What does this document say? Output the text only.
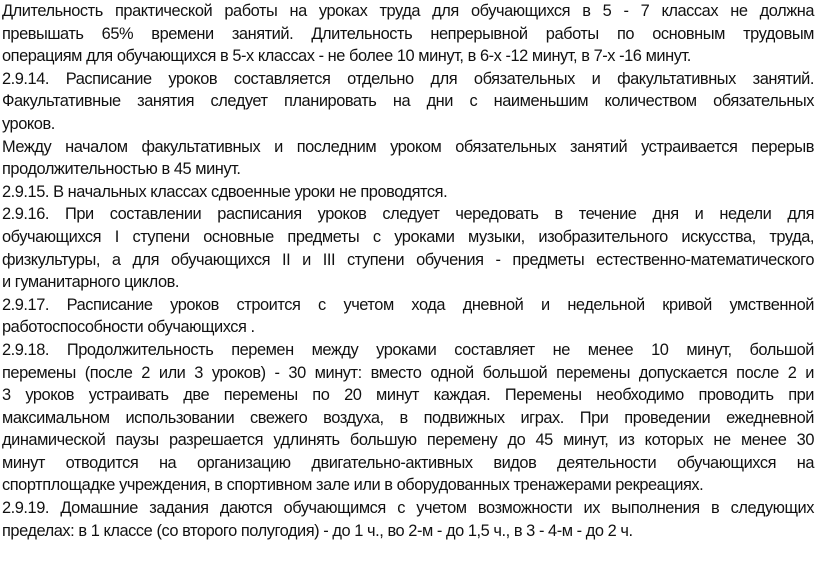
Длительность практической работы на уроках труда для обучающихся в 5 - 7 классах не должна
превышать 65% времени занятий. Длительность непрерывной работы по основным трудовым
операциям для обучающихся в 5-х классах - не более 10 минут, в 6-х -12 минут, в 7-х -16 минут.
2.9.14. Расписание уроков составляется отдельно для обязательных и факультативных занятий.
Факультативные занятия следует планировать на дни с наименьшим количеством обязательных
уроков.
Между началом факультативных и последним уроком обязательных занятий устраивается перерыв
продолжительностью в 45 минут.
2.9.15. В начальных классах сдвоенные уроки не проводятся.
2.9.16. При составлении расписания уроков следует чередовать в течение дня и недели для
обучающихся I ступени основные предметы с уроками музыки, изобразительного искусства, труда,
физкультуры, а для обучающихся II и III ступени обучения - предметы естественно-математического
и гуманитарного циклов.
2.9.17. Расписание уроков строится с учетом хода дневной и недельной кривой умственной
работоспособности обучающихся .
2.9.18. Продолжительность перемен между уроками составляет не менее 10 минут, большой
перемены (после 2 или 3 уроков) - 30 минут: вместо одной большой перемены допускается после 2 и
3 уроков устраивать две перемены по 20 минут каждая. Перемены необходимо проводить при
максимальном использовании свежего воздуха, в подвижных играх. При проведении ежедневной
динамической паузы разрешается удлинять большую перемену до 45 минут, из которых не менее 30
минут отводится на организацию двигательно-активных видов деятельности обучающихся на
спортплощадке учреждения, в спортивном зале или в оборудованных тренажерами рекреациях.
2.9.19. Домашние задания даются обучающимся с учетом возможности их выполнения в следующих
пределах: в 1 классе (со второго полугодия) - до 1 ч., во 2-м - до 1,5 ч., в 3 - 4-м - до 2 ч.
